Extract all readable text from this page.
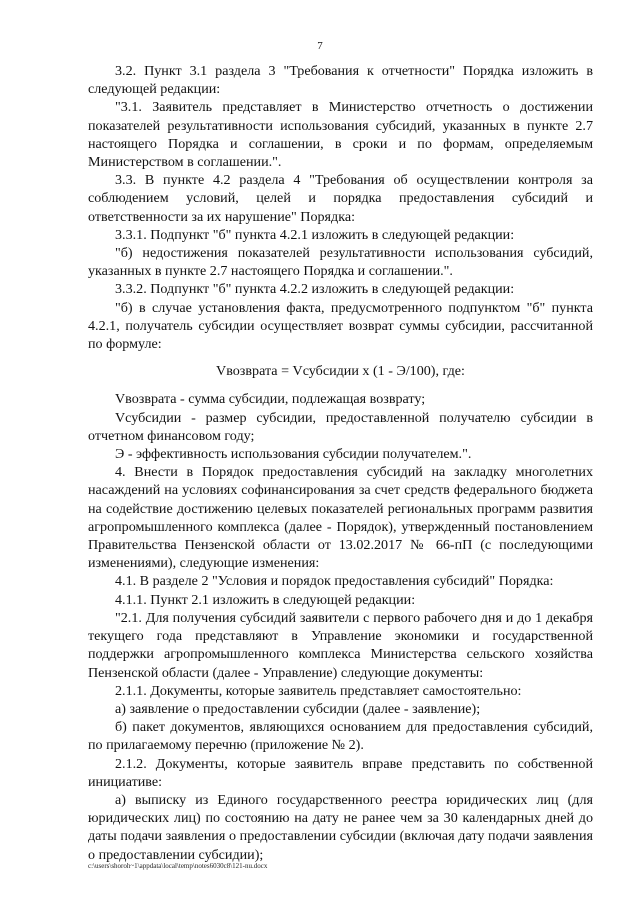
7

3.2. Пункт 3.1 раздела 3 "Требования к отчетности" Порядка изложить в следующей редакции:

"3.1. Заявитель представляет в Министерство отчетность о достижении показателей результативности использования субсидий, указанных в пункте 2.7 настоящего Порядка и соглашении, в сроки и по формам, определяемым Министерством в соглашении.".

3.3. В пункте 4.2 раздела 4 "Требования об осуществлении контроля за соблюдением условий, целей и порядка предоставления субсидий и ответственности за их нарушение" Порядка:

3.3.1. Подпункт "б" пункта 4.2.1 изложить в следующей редакции:

"б) недостижения показателей результативности использования субсидий, указанных в пункте 2.7 настоящего Порядка и соглашении.".

3.3.2. Подпункт "б" пункта 4.2.2 изложить в следующей редакции:

"б) в случае установления факта, предусмотренного подпунктом "б" пункта 4.2.1, получатель субсидии осуществляет возврат суммы субсидии, рассчитанной по формуле:

Vвозврата = Vсубсидии x (1 - Э/100), где:

Vвозврата - сумма субсидии, подлежащая возврату;

Vсубсидии - размер субсидии, предоставленной получателю субсидии в отчетном финансовом году;

Э - эффективность использования субсидии получателем.".

4. Внести в Порядок предоставления субсидий на закладку многолетних насаждений на условиях софинансирования за счет средств федерального бюджета на содействие достижению целевых показателей региональных программ развития агропромышленного комплекса (далее - Порядок), утвержденный постановлением Правительства Пензенской области от 13.02.2017 № 66-пП (с последующими изменениями), следующие изменения:

4.1. В разделе 2 "Условия и порядок предоставления субсидий" Порядка:

4.1.1. Пункт 2.1 изложить в следующей редакции:

"2.1. Для получения субсидий заявители с первого рабочего дня и до 1 декабря текущего года представляют в Управление экономики и государственной поддержки агропромышленного комплекса Министерства сельского хозяйства Пензенской области (далее - Управление) следующие документы:

2.1.1. Документы, которые заявитель представляет самостоятельно:

а) заявление о предоставлении субсидии (далее - заявление);

б) пакет документов, являющихся основанием для предоставления субсидий, по прилагаемому перечню (приложение № 2).

2.1.2. Документы, которые заявитель вправе представить по собственной инициативе:

а) выписку из Единого государственного реестра юридических лиц (для юридических лиц) по состоянию на дату не ранее чем за 30 календарных дней до даты подачи заявления о предоставлении субсидии (включая дату подачи заявления о предоставлении субсидии);

c:\users\shoroh~1\appdata\local\temp\notes6030c8\121-nu.docx
